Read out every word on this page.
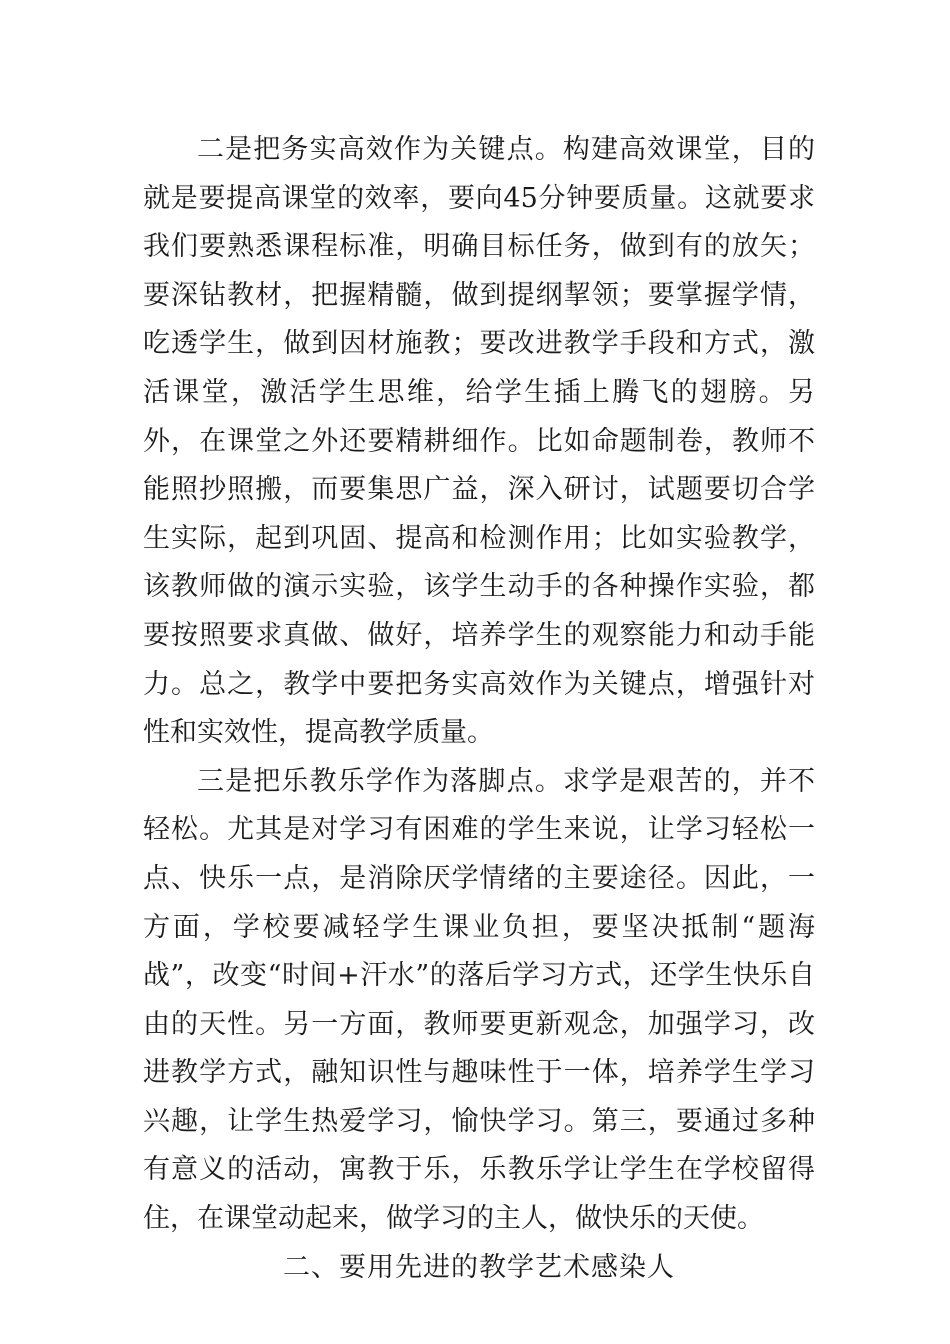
二是把务实高效作为关键点。构建高效课堂，目的就是要提高课堂的效率，要向45分钟要质量。这就要求我们要熟悉课程标准，明确目标任务，做到有的放矢；要深钻教材，把握精髓，做到提纲挈领；要掌握学情，吃透学生，做到因材施教；要改进教学手段和方式，激活课堂，激活学生思维，给学生插上腾飞的翅膀。另外，在课堂之外还要精耕细作。比如命题制卷，教师不能照抄照搬，而要集思广益，深入研讨，试题要切合学生实际，起到巩固、提高和检测作用；比如实验教学，该教师做的演示实验，该学生动手的各种操作实验，都要按照要求真做、做好，培养学生的观察能力和动手能力。总之，教学中要把务实高效作为关键点，增强针对性和实效性，提高教学质量。

三是把乐教乐学作为落脚点。求学是艰苦的，并不轻松。尤其是对学习有困难的学生来说，让学习轻松一点、快乐一点，是消除厌学情绪的主要途径。因此，一方面，学校要减轻学生课业负担，要坚决抵制“题海战”，改变“时间+汗水”的落后学习方式，还学生快乐自由的天性。另一方面，教师要更新观念，加强学习，改进教学方式，融知识性与趣味性于一体，培养学生学习兴趣，让学生热爱学习，愉快学习。第三，要通过多种有意义的活动，寓教于乐，乐教乐学让学生在学校留得住，在课堂动起来，做学习的主人，做快乐的天使。

二、要用先进的教学艺术感染人
